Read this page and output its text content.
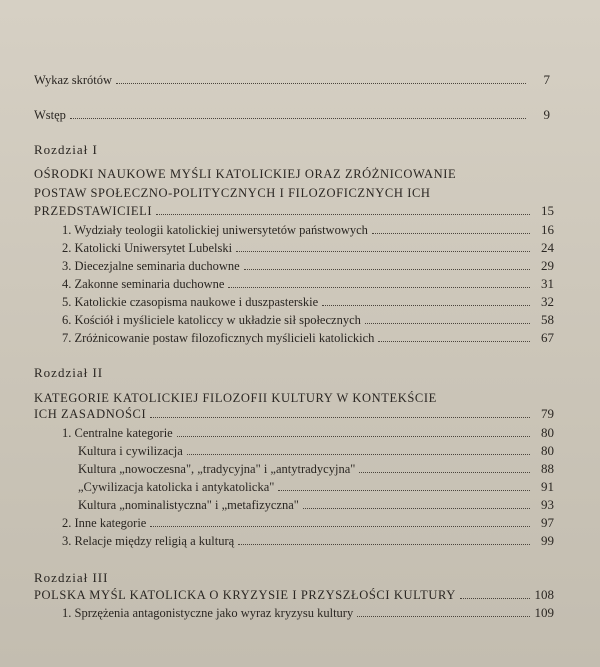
Wykaz skrótów	7
Wstęp	9
Rozdział I
OŚRODKI NAUKOWE MYŚLI KATOLICKIEJ ORAZ ZRÓŻNICOWANIE
POSTAW SPOŁECZNO-POLITYCZNYCH I FILOZOFICZNYCH ICH
PRZEDSTAWICIELI	15
1. Wydziały teologii katolickiej uniwersytetów państwowych	16
2. Katolicki Uniwersytet Lubelski	24
3. Diecezjalne seminaria duchowne	29
4. Zakonne seminaria duchowne	31
5. Katolickie czasopisma naukowe i duszpasterskie	32
6. Kościół i myśliciele katoliccy w układzie sił społecznych	58
7. Zróżnicowanie postaw filozoficznych myślicieli katolickich	67
Rozdział II
KATEGORIE KATOLICKIEJ FILOZOFII KULTURY W KONTEKŚCIE
ICH ZASADNOŚCI	79
1. Centralne kategorie	80
Kultura i cywilizacja	80
Kultura „nowoczesna", „tradycyjna" i „antytradycyjna"	88
„Cywilizacja katolicka i antykatolicka"	91
Kultura „nominalistyczna" i „metafizyczna"	93
2. Inne kategorie	97
3. Relacje między religią a kulturą	99
Rozdział III
POLSKA MYŚL KATOLICKA O KRYZYSIE I PRZYSZŁOŚCI KULTURY	108
1. Sprzężenia antagonistyczne jako wyraz kryzysu kultury	109
